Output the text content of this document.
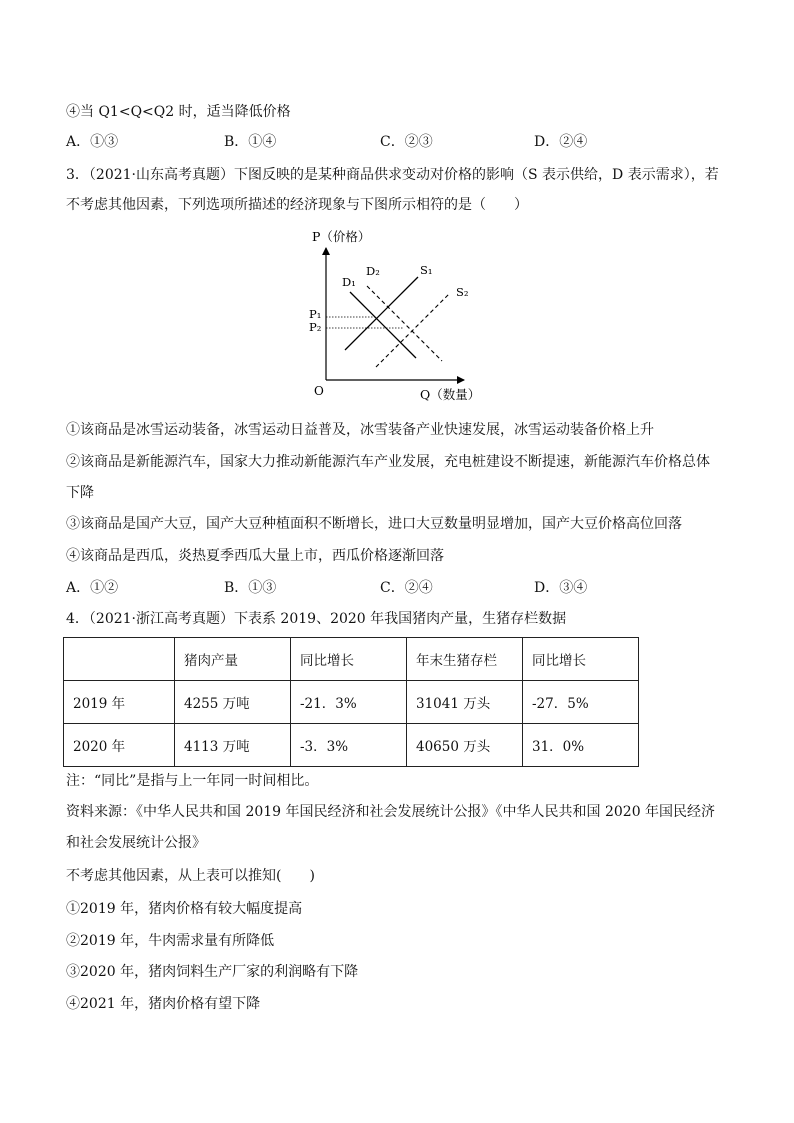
④当 Q1<Q<Q2 时，适当降低价格
A．①③	B．①④	C．②③	D．②④
3．（2021·山东高考真题）下图反映的是某种商品供求变动对价格的影响（S 表示供给，D 表示需求），若
不考虑其他因素，下列选项所描述的经济现象与下图所示相符的是（　　）
P（价格）
O	Q（数量）
P₁
P₂
D₁
D₂	S₁
S₂
①该商品是冰雪运动装备，冰雪运动日益普及，冰雪装备产业快速发展，冰雪运动装备价格上升
②该商品是新能源汽车，国家大力推动新能源汽车产业发展，充电桩建设不断提速，新能源汽车价格总体
下降
③该商品是国产大豆，国产大豆种植面积不断增长，进口大豆数量明显增加，国产大豆价格高位回落
④该商品是西瓜，炎热夏季西瓜大量上市，西瓜价格逐渐回落
A．①②	B．①③	C．②④	D．③④
4．（2021·浙江高考真题）下表系 2019、2020 年我国猪肉产量，生猪存栏数据
	猪肉产量	同比增长	年末生猪存栏	同比增长
2019 年	4255 万吨	-21．3%	31041 万头	-27．5%
2020 年	4113 万吨	-3．3%	40650 万头	31．0%
注：“同比”是指与上一年同一时间相比。
资料来源：《中华人民共和国 2019 年国民经济和社会发展统计公报》《中华人民共和国 2020 年国民经济
和社会发展统计公报》
不考虑其他因素，从上表可以推知(　　)
①2019 年，猪肉价格有较大幅度提高
②2019 年，牛肉需求量有所降低
③2020 年，猪肉饲料生产厂家的利润略有下降
④2021 年，猪肉价格有望下降
